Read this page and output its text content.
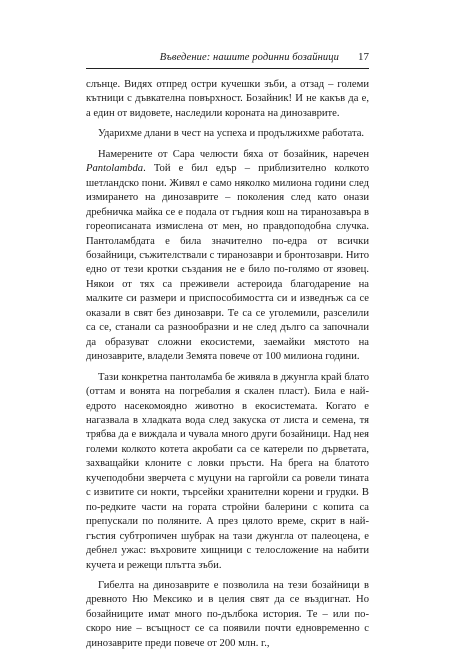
Въведение: нашите родинни бозайници 17

слънце. Видях отпред остри кучешки зъби, а отзад – големи кътници с дъвкателна повърхност. Бозайник! И не какъв да е, а един от видовете, наследили короната на динозаврите.

Ударихме длани в чест на успеха и продължихме работата.

Намерените от Сара челюсти бяха от бозайник, наречен Pantolambda. Той е бил едър – приблизително колкото шетландско пони. Живял е само няколко милиона години след измирането на динозаврите – поколения след като онази дребничка майка се е подала от гъдния кош на тиранозавъра в гореописаната измислена от мен, но правдоподобна случка. Пантоламбдата е била значително по-едра от всички бозайници, съжителствали с тиранозаври и бронтозаври. Нито едно от тези кротки създания не е било по-голямо от язовец. Някои от тях са преживели астероида благодарение на малките си размери и приспособимостта си и изведнъж са се оказали в свят без динозаври. Те са се уголемили, разселили са се, станали са разнообразни и не след дълго са започнали да образуват сложни екосистеми, заемайки мястото на динозаврите, владели Земята повече от 100 милиона години.

Тази конкретна пантоламба бе живяла в джунгла край блато (оттам и вонята на погребалия я скален пласт). Била е най-едрото насекомоядно животно в екосистемата. Когато е нагазвала в хладката вода след закуска от листа и семена, тя трябва да е виждала и чувала много други бозайници. Над нея големи колкото котета акробати са се катерели по дърветата, захващайки клоните с ловки пръсти. На брега на блатото кучеподобни зверчета с муцуни на гаргойли са ровели тината с извитите си нокти, търсейки хранителни корени и грудки. В по-редките части на гората стройни балерини с копита са препускали по поляните. А през цялото време, скрит в най-гъстия субтропичен шубрак на тази джунгла от палеоцена, е дебнел ужас: въхровите хищници с телосложение на набити кучета и режещи плътта зъби.

Гибелта на динозаврите е позволила на тези бозайници в древното Ню Мексико и в целия свят да се въздигнат. Но бозайниците имат много по-дълбока история. Те – или по-скоро ние – всъщност се са появили почти едновременно с динозаврите преди повече от 200 млн. г.,
